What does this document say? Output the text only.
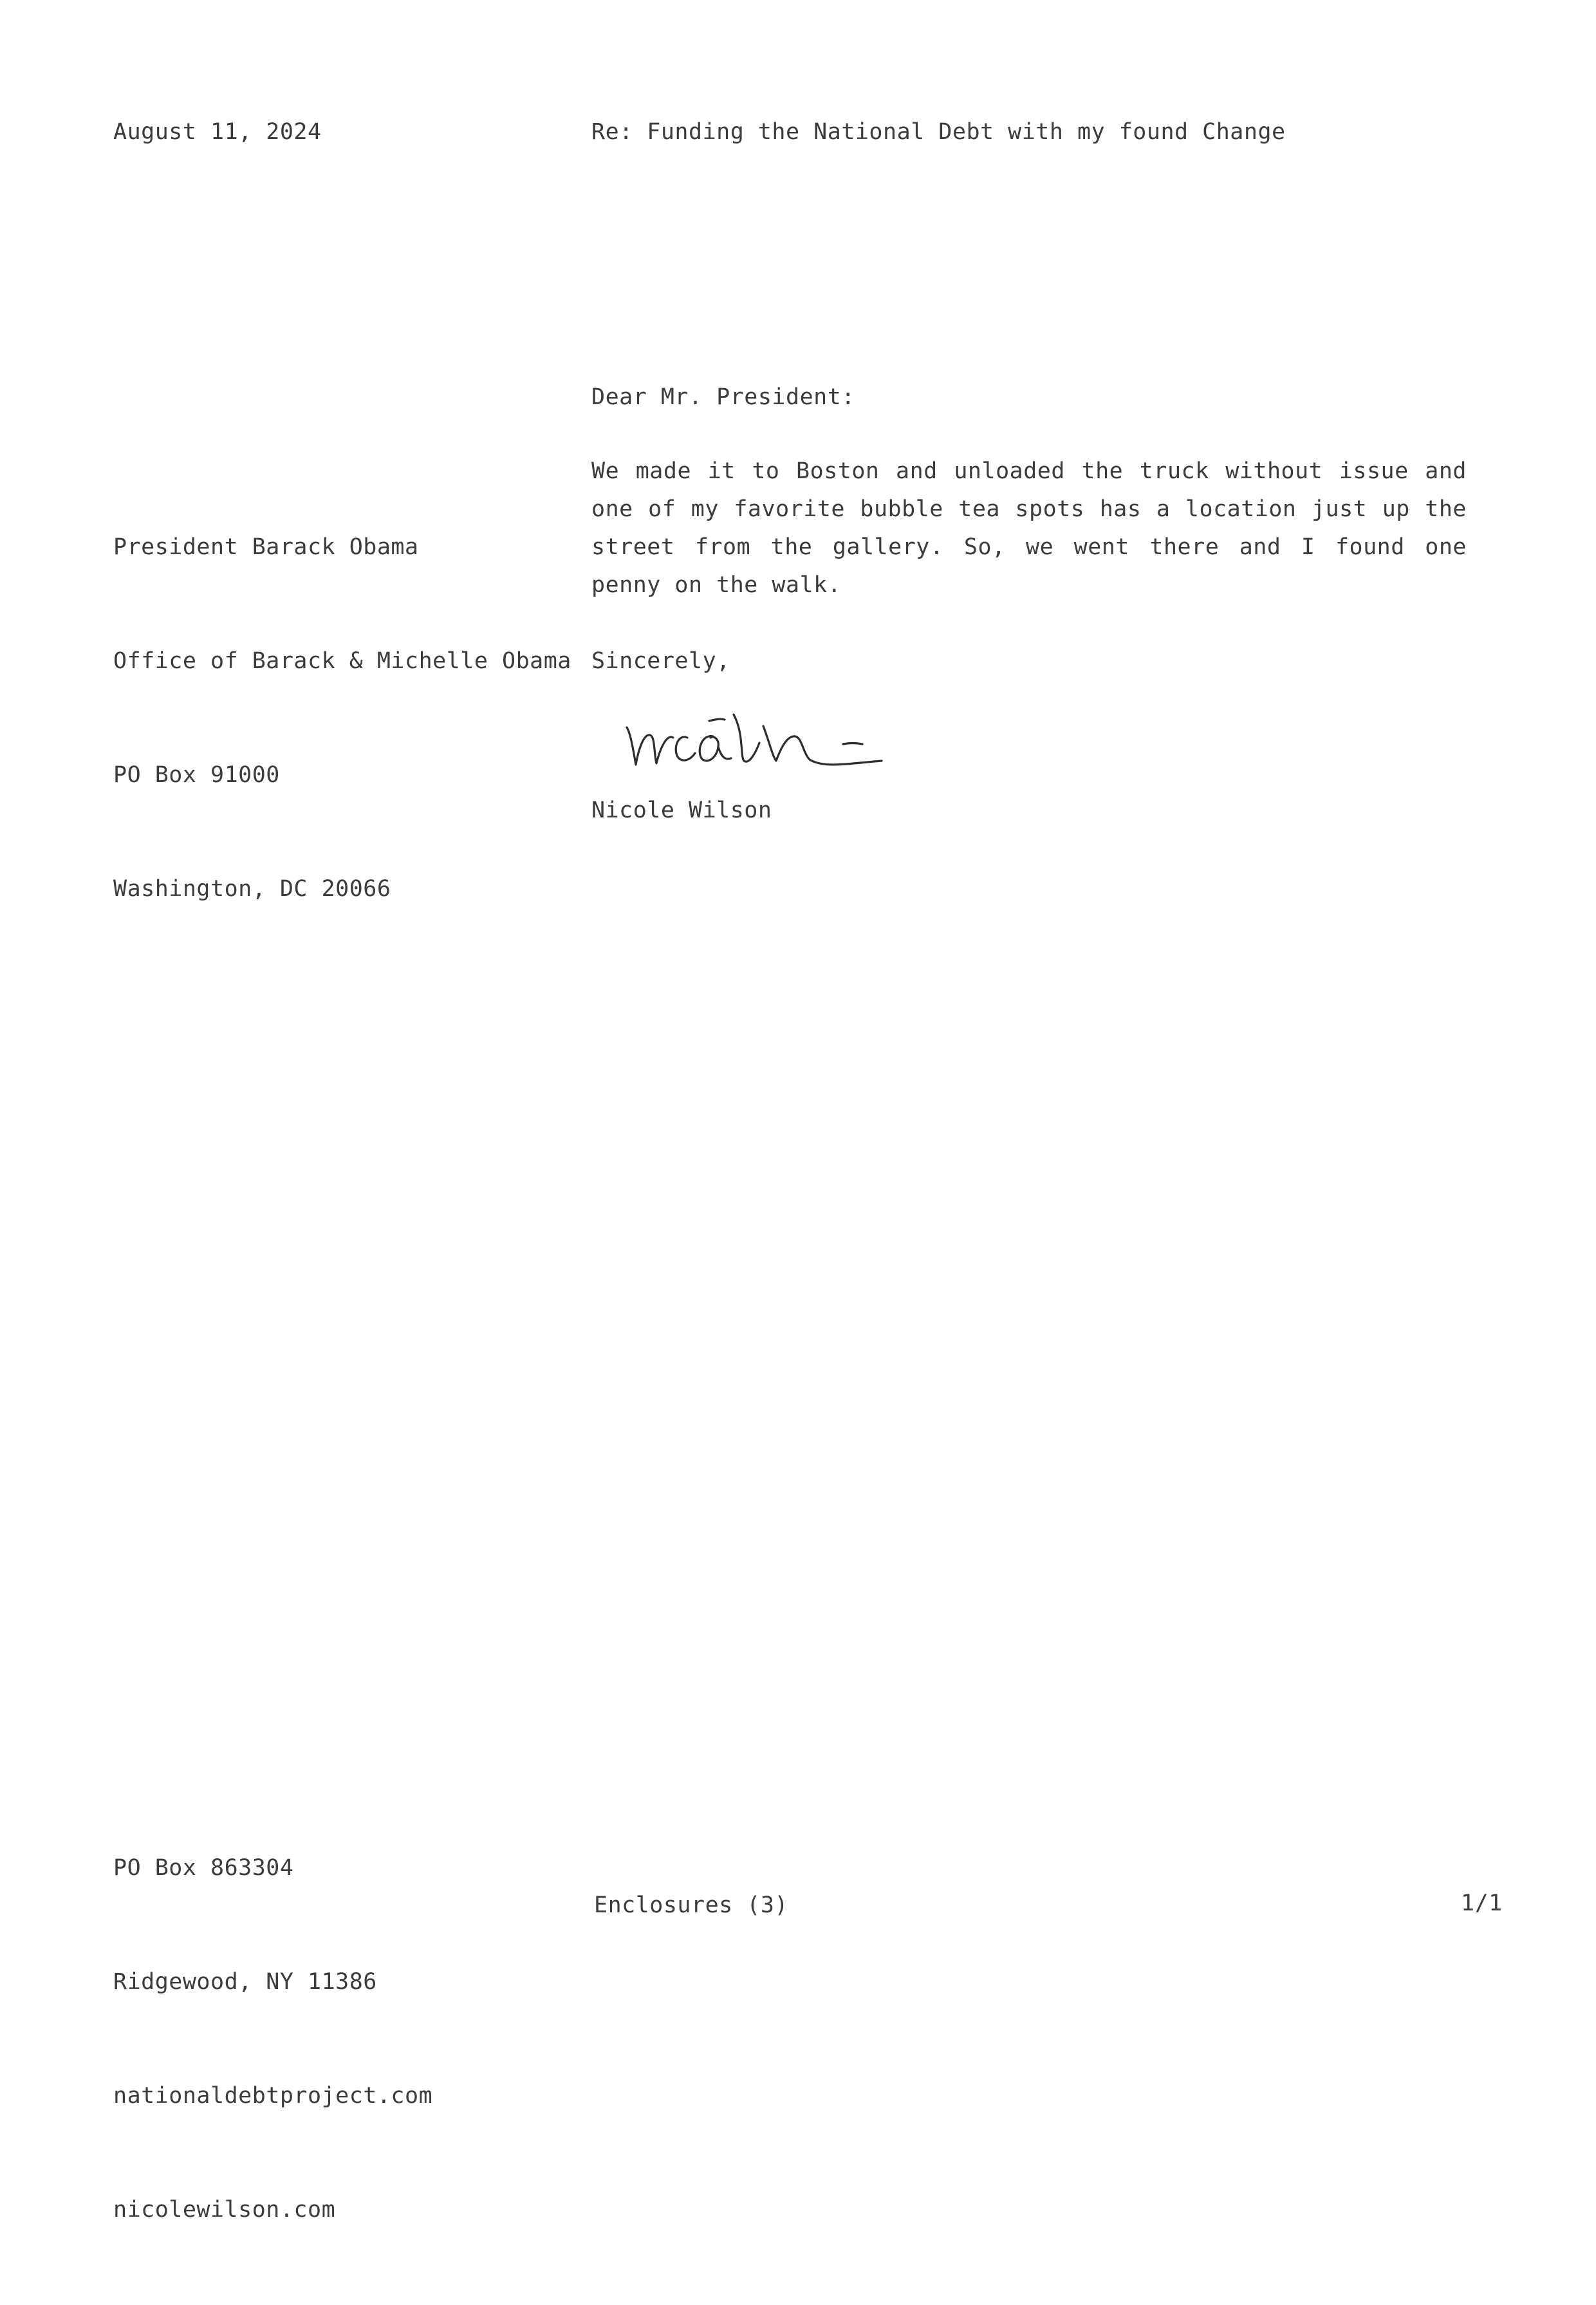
August 11, 2024	Re: Funding the National Debt with my found Change
Dear Mr. President:

President Barack Obama

Office of Barack & Michelle Obama

PO Box 91000

Washington, DC 20066

We made it to Boston and unloaded the truck without issue and one of my favorite bubble tea spots has a location just up the street from the gallery. So, we went there and I found one penny on the walk.
Sincerely,
Nicole Wilson

PO Box 863304

Ridgewood, NY 11386

nationaldebtproject.com

nicolewilson.com

Enclosures (3)	1/1
